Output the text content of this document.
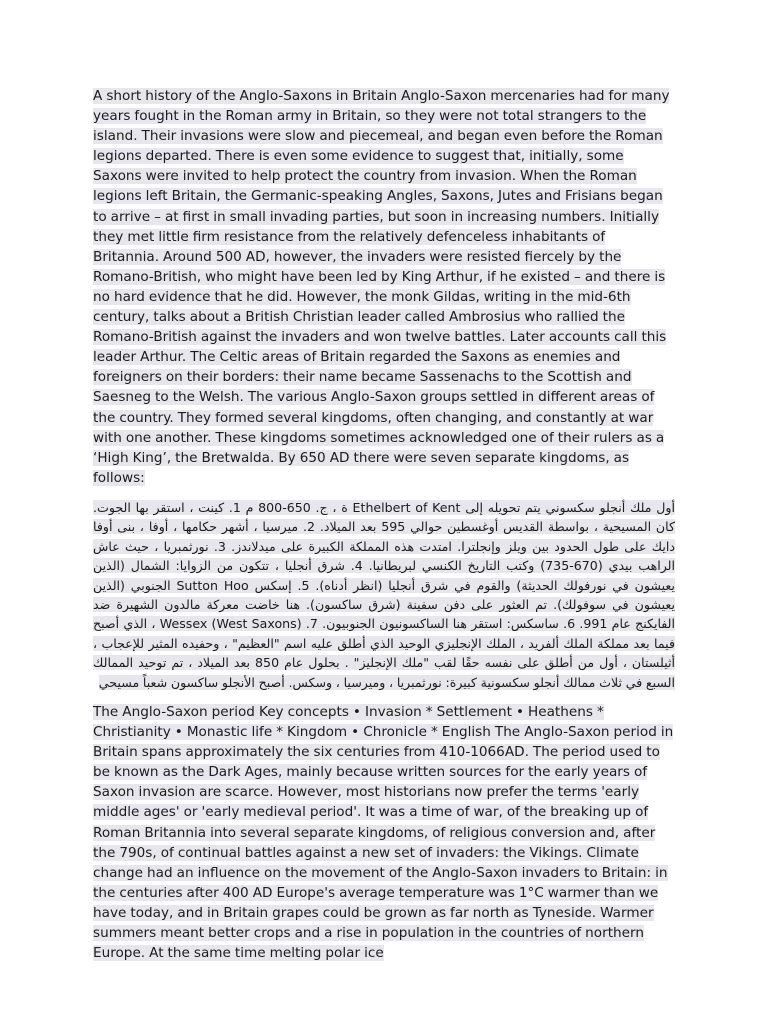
A short history of the Anglo-Saxons in Britain Anglo-Saxon mercenaries had for many years fought in the Roman army in Britain, so they were not total strangers to the island. Their invasions were slow and piecemeal, and began even before the Roman legions departed. There is even some evidence to suggest that, initially, some Saxons were invited to help protect the country from invasion. When the Roman legions left Britain, the Germanic-speaking Angles, Saxons, Jutes and Frisians began to arrive – at first in small invading parties, but soon in increasing numbers. Initially they met little firm resistance from the relatively defenceless inhabitants of Britannia. Around 500 AD, however, the invaders were resisted fiercely by the Romano-British, who might have been led by King Arthur, if he existed – and there is no hard evidence that he did. However, the monk Gildas, writing in the mid-6th century, talks about a British Christian leader called Ambrosius who rallied the Romano-British against the invaders and won twelve battles. Later accounts call this leader Arthur. The Celtic areas of Britain regarded the Saxons as enemies and foreigners on their borders: their name became Sassenachs to the Scottish and Saesneg to the Welsh. The various Anglo-Saxon groups settled in different areas of the country. They formed several kingdoms, often changing, and constantly at war with one another. These kingdoms sometimes acknowledged one of their rulers as a ‘High King’, the Bretwalda. By 650 AD there were seven separate kingdoms, as follows:

أول ملك أنجلو سكسوني يتم تحويله إلى Ethelbert of Kent ة ، ج. 650-800 م 1. كينت ، استقر بها الجوت. كان المسيحية ، بواسطة القديس أوغسطين حوالي 595 بعد الميلاد. 2. ميرسيا ، أشهر حكامها ، أوفا ، بنى أوفا دايك على طول الحدود بين ويلز وإنجلترا. امتدت هذه المملكة الكبيرة على ميدلاندز. 3. نورثمبريا ، حيث عاش الراهب بيدي (670-735) وكتب التاريخ الكنسي لبريطانيا. 4. شرق أنجليا ، تتكون من الزوايا: الشمال (الذين يعيشون في نورفولك الحديثة) والقوم في شرق أنجليا (انظر أدناه). 5. إسكس Sutton Hoo الجنوبي (الذين يعيشون في سوفولك). تم العثور على دفن سفينة (شرق ساكسون). هنا خاضت معركة مالدون الشهيرة ضد الفايكنج عام 991. 6. ساسكس: استقر هنا الساكسونيون الجنوبيون. 7. Wessex (West Saxons) ، الذي أصبح فيما بعد مملكة الملك ألفريد ، الملك الإنجليزي الوحيد الذي أطلق عليه اسم "العظيم" ، وحفيده المثير للإعجاب ، أثيلستان ، أول من أطلق على نفسه حقًا لقب "ملك الإنجليز" . بحلول عام 850 بعد الميلاد ، تم توحيد الممالك السبع في ثلاث ممالك أنجلو سكسونية كبيرة: نورثمبريا ، وميرسيا ، وسكس. أصبح الأنجلو ساكسون شعباً مسيحي

The Anglo-Saxon period Key concepts • Invasion * Settlement • Heathens * Christianity • Monastic life * Kingdom • Chronicle * English The Anglo-Saxon period in Britain spans approximately the six centuries from 410-1066AD. The period used to be known as the Dark Ages, mainly because written sources for the early years of Saxon invasion are scarce. However, most historians now prefer the terms 'early middle ages' or 'early medieval period'. It was a time of war, of the breaking up of Roman Britannia into several separate kingdoms, of religious conversion and, after the 790s, of continual battles against a new set of invaders: the Vikings. Climate change had an influence on the movement of the Anglo-Saxon invaders to Britain: in the centuries after 400 AD Europe's average temperature was 1°C warmer than we have today, and in Britain grapes could be grown as far north as Tyneside. Warmer summers meant better crops and a rise in population in the countries of northern Europe. At the same time melting polar ice
